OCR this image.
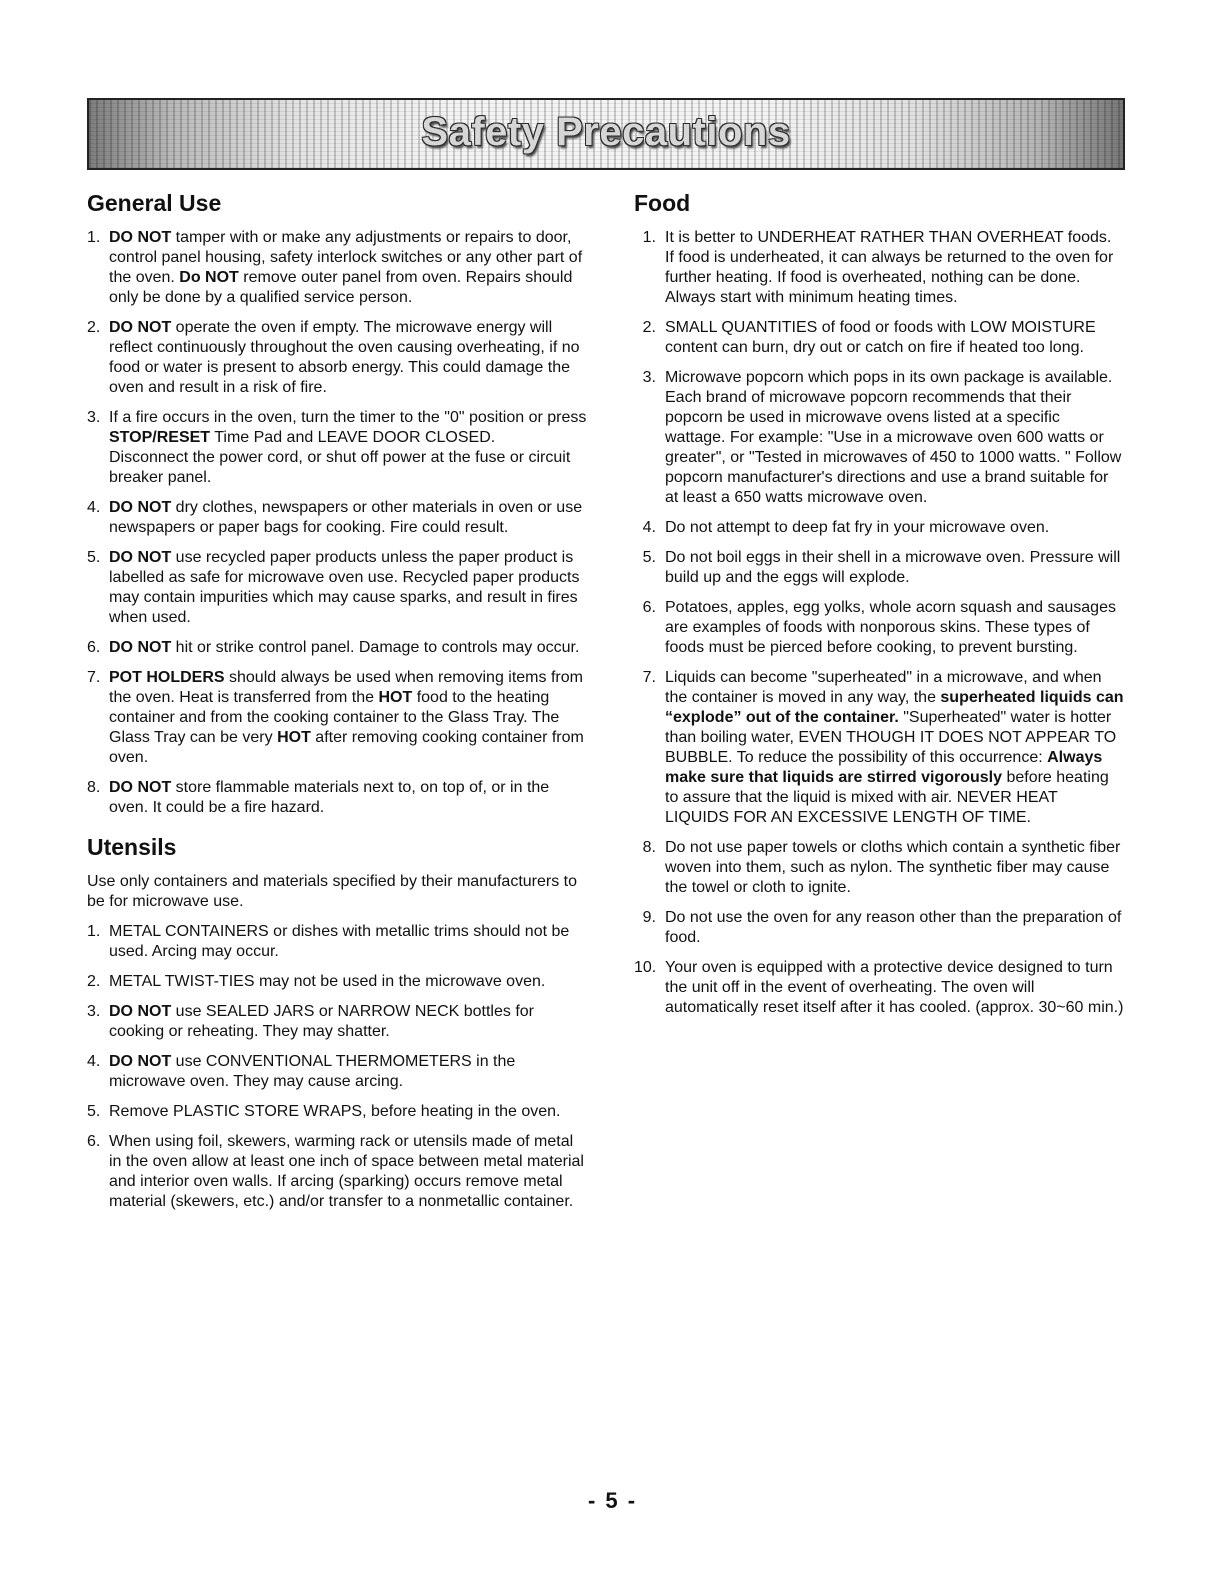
Safety Precautions
General Use
1. DO NOT tamper with or make any adjustments or repairs to door, control panel housing, safety interlock switches or any other part of the oven. Do NOT remove outer panel from oven. Repairs should only be done by a qualified service person.
2. DO NOT operate the oven if empty. The microwave energy will reflect continuously throughout the oven causing overheating, if no food or water is present to absorb energy. This could damage the oven and result in a risk of fire.
3. If a fire occurs in the oven, turn the timer to the "0" position or press STOP/RESET Time Pad and LEAVE DOOR CLOSED.
Disconnect the power cord, or shut off power at the fuse or circuit breaker panel.
4. DO NOT dry clothes, newspapers or other materials in oven or use newspapers or paper bags for cooking. Fire could result.
5. DO NOT use recycled paper products unless the paper product is labelled as safe for microwave oven use. Recycled paper products may contain impurities which may cause sparks, and result in fires when used.
6. DO NOT hit or strike control panel. Damage to controls may occur.
7. POT HOLDERS should always be used when removing items from the oven. Heat is transferred from the HOT food to the heating container and from the cooking container to the Glass Tray. The Glass Tray can be very HOT after removing cooking container from oven.
8. DO NOT store flammable materials next to, on top of, or in the oven. It could be a fire hazard.
Utensils

Use only containers and materials specified by their manufacturers to be for microwave use.

1. METAL CONTAINERS or dishes with metallic trims should not be used. Arcing may occur.
2. METAL TWIST-TIES may not be used in the microwave oven.
3. DO NOT use SEALED JARS or NARROW NECK bottles for cooking or reheating. They may shatter.
4. DO NOT use CONVENTIONAL THERMOMETERS in the microwave oven. They may cause arcing.
5. Remove PLASTIC STORE WRAPS, before heating in the oven.
6. When using foil, skewers, warming rack or utensils made of metal in the oven allow at least one inch of space between metal material and interior oven walls. If arcing (sparking) occurs remove metal material (skewers, etc.) and/or transfer to a nonmetallic container.
Food
1. It is better to UNDERHEAT RATHER THAN OVERHEAT foods. If food is underheated, it can always be returned to the oven for further heating. If food is overheated, nothing can be done. Always start with minimum heating times.
2. SMALL QUANTITIES of food or foods with LOW MOISTURE content can burn, dry out or catch on fire if heated too long.
3. Microwave popcorn which pops in its own package is available. Each brand of microwave popcorn recommends that their popcorn be used in microwave ovens listed at a specific wattage. For example: "Use in a microwave oven 600 watts or greater", or "Tested in microwaves of 450 to 1000 watts. " Follow popcorn manufacturer's directions and use a brand suitable for at least a 650 watts microwave oven.
4. Do not attempt to deep fat fry in your microwave oven.
5. Do not boil eggs in their shell in a microwave oven. Pressure will build up and the eggs will explode.
6. Potatoes, apples, egg yolks, whole acorn squash and sausages are examples of foods with nonporous skins. These types of foods must be pierced before cooking, to prevent bursting.
7. Liquids can become "superheated" in a microwave, and when the container is moved in any way, the superheated liquids can “explode” out of the container. "Superheated" water is hotter than boiling water, EVEN THOUGH IT DOES NOT APPEAR TO BUBBLE. To reduce the possibility of this occurrence: Always make sure that liquids are stirred vigorously before heating to assure that the liquid is mixed with air. NEVER HEAT LIQUIDS FOR AN EXCESSIVE LENGTH OF TIME.
8. Do not use paper towels or cloths which contain a synthetic fiber woven into them, such as nylon. The synthetic fiber may cause the towel or cloth to ignite.
9. Do not use the oven for any reason other than the preparation of food.
10. Your oven is equipped with a protective device designed to turn the unit off in the event of overheating. The oven will automatically reset itself after it has cooled. (approx. 30~60 min.)
- 5 -
